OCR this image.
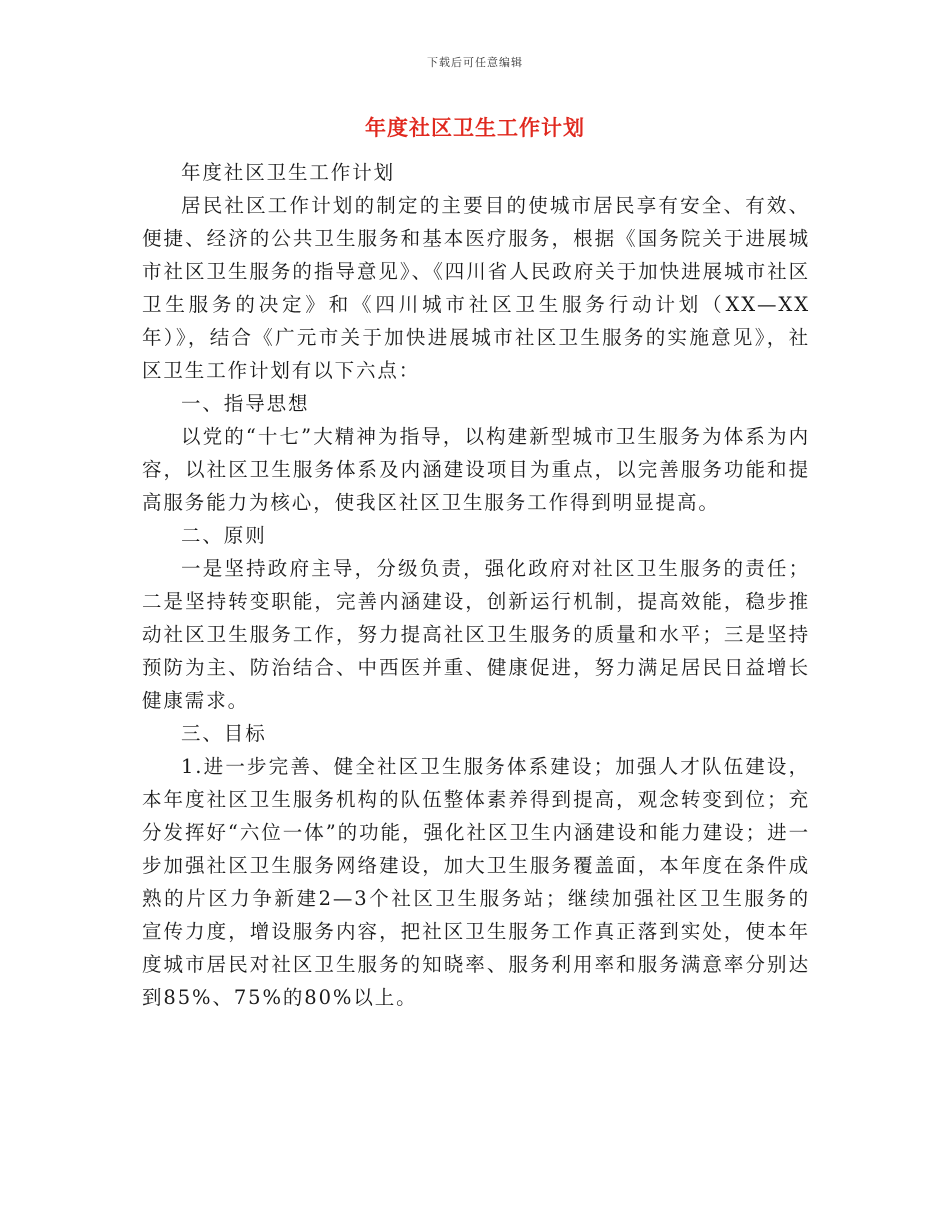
下载后可任意编辑
年度社区卫生工作计划

年度社区卫生工作计划

居民社区工作计划的制定的主要目的使城市居民享有安全、有效、便捷、经济的公共卫生服务和基本医疗服务，根据《国务院关于进展城市社区卫生服务的指导意见》、《四川省人民政府关于加快进展城市社区卫生服务的决定》和《四川城市社区卫生服务行动计划（XX—XX年）》，结合《广元市关于加快进展城市社区卫生服务的实施意见》，社区卫生工作计划有以下六点：

一、指导思想

以党的“十七”大精神为指导，以构建新型城市卫生服务为体系为内容，以社区卫生服务体系及内涵建设项目为重点，以完善服务功能和提高服务能力为核心，使我区社区卫生服务工作得到明显提高。

二、原则

一是坚持政府主导，分级负责，强化政府对社区卫生服务的责任；二是坚持转变职能，完善内涵建设，创新运行机制，提高效能，稳步推动社区卫生服务工作，努力提高社区卫生服务的质量和水平；三是坚持预防为主、防治结合、中西医并重、健康促进，努力满足居民日益增长健康需求。

三、目标

1.进一步完善、健全社区卫生服务体系建设；加强人才队伍建设，本年度社区卫生服务机构的队伍整体素养得到提高，观念转变到位；充分发挥好“六位一体”的功能，强化社区卫生内涵建设和能力建设；进一步加强社区卫生服务网络建设，加大卫生服务覆盖面，本年度在条件成熟的片区力争新建2—3个社区卫生服务站；继续加强社区卫生服务的宣传力度，增设服务内容，把社区卫生服务工作真正落到实处，使本年度城市居民对社区卫生服务的知晓率、服务利用率和服务满意率分别达到85%、75%的80%以上。
